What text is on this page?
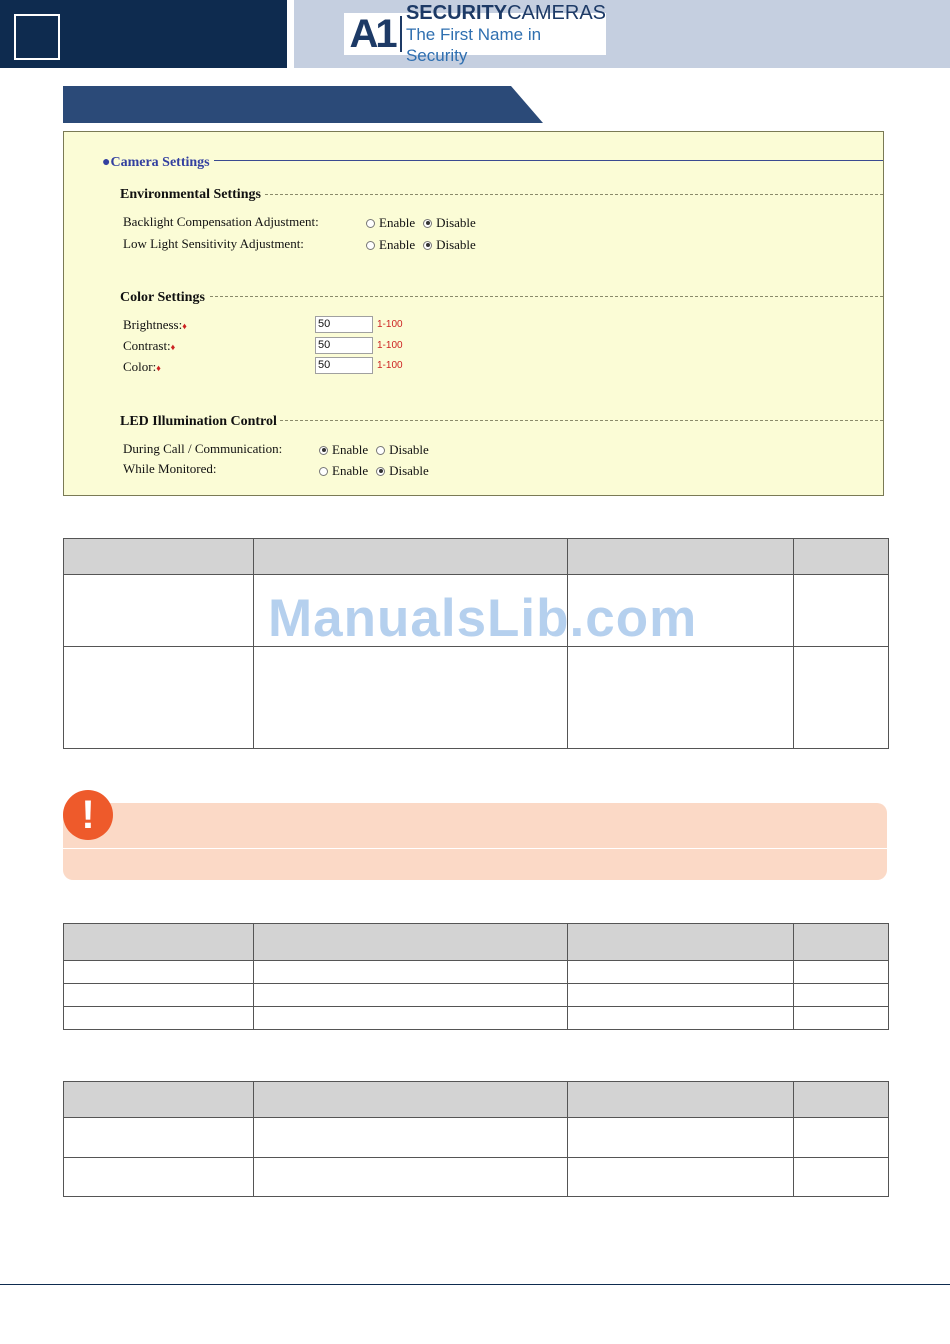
A1 SECURITYCAMERAS
The First Name in Security
●Camera Settings
Environmental Settings
Backlight Compensation Adjustment:	Enable Disable
Low Light Sensitivity Adjustment:	Enable Disable
Color Settings
Brightness:♦	50	1-100
Contrast:♦	50	1-100
Color:♦	50	1-100
LED Illumination Control
During Call / Communication:	Enable Disable
While Monitored:	Enable Disable

ManualsLib.com
!
